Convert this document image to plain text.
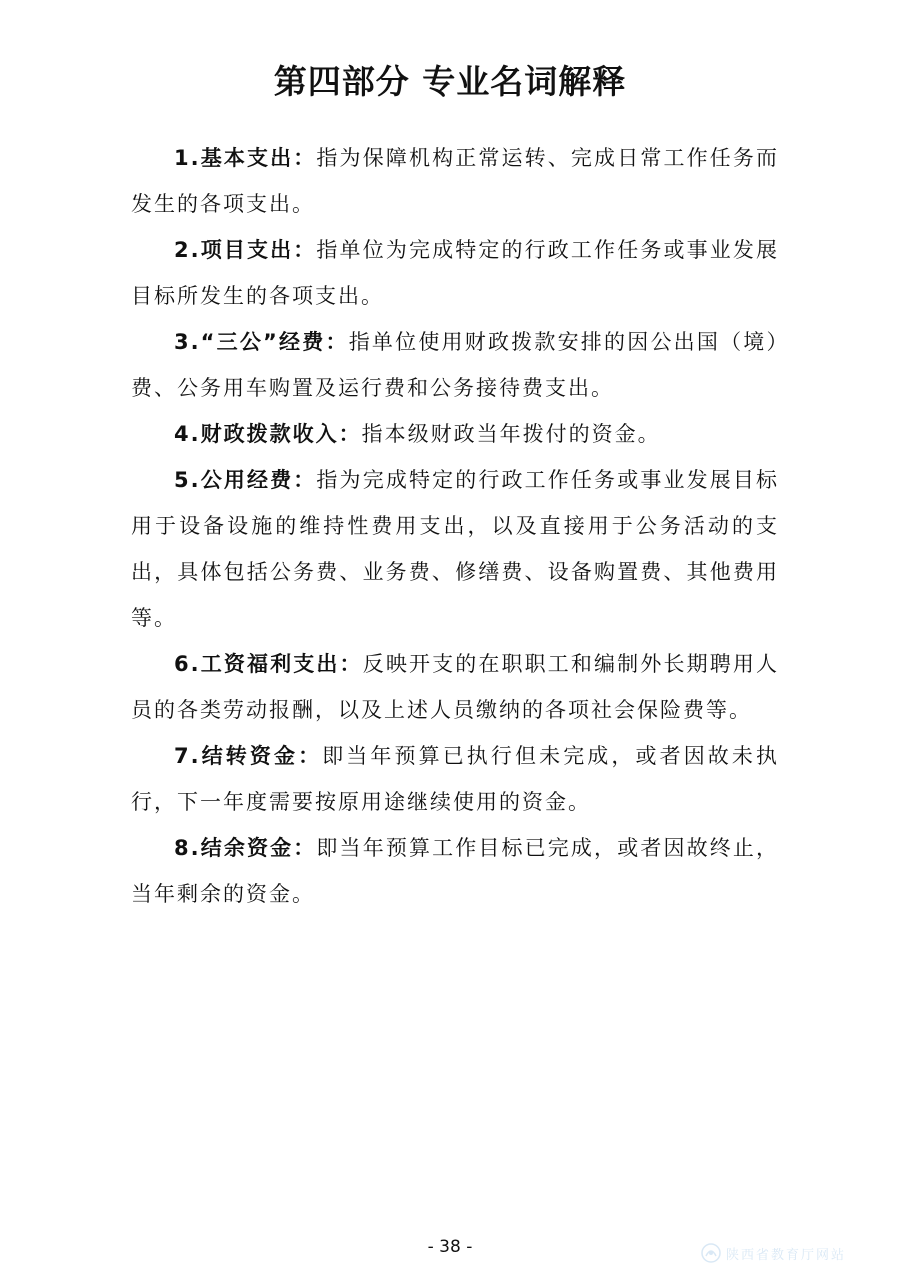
第四部分 专业名词解释

1.基本支出：指为保障机构正常运转、完成日常工作任务而发生的各项支出。

2.项目支出：指单位为完成特定的行政工作任务或事业发展目标所发生的各项支出。

3.“三公”经费：指单位使用财政拨款安排的因公出国（境）费、公务用车购置及运行费和公务接待费支出。

4.财政拨款收入：指本级财政当年拨付的资金。

5.公用经费：指为完成特定的行政工作任务或事业发展目标用于设备设施的维持性费用支出，以及直接用于公务活动的支出，具体包括公务费、业务费、修缮费、设备购置费、其他费用等。

6.工资福利支出：反映开支的在职职工和编制外长期聘用人员的各类劳动报酬，以及上述人员缴纳的各项社会保险费等。

7.结转资金：即当年预算已执行但未完成，或者因故未执行，下一年度需要按原用途继续使用的资金。

8.结余资金：即当年预算工作目标已完成，或者因故终止，当年剩余的资金。

- 38 -	陕西省教育厅网站
